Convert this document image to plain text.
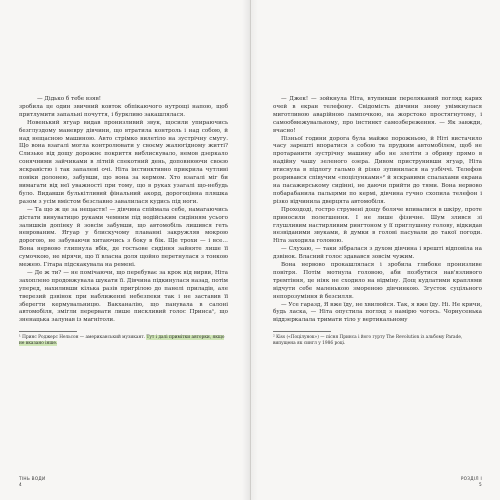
— Дідько б тебе взяв!

зробила це один звичний ковток обпікаючого нутрощі напою, щоб притлумити запальні почуття, і буркливо закашлялася.

Новенький ягуар видав пронизливий звук, щосили упираючись безглуздому маневру дівчини, що втратила контроль і над собою, й над нещасною машиною. Авто стрімко вилетіло на зустрічну смугу. Що вона взагалі могла контролювати у своєму жалюгідному житті? Слизьке від дощу дорожнє покриття виблискувало, немов дзеркало сонячними зайчиками в літній спекотний день, доповнюючи своєю яскравістю і так запалені очі. Ніта інстинктивно прикрила чутливі повіки долонею, забувши, що вона за кермом. Хто взагалі міг би вимагати від неї уважності при тому, що в руках узагалі що-небудь було. Видавши булькітливий фінальний акорд, дорогоцінна пляшка разом з усім вмістом безславно завалилася кудись під ноги.

— Та що ж це за нещастя! — дівчина спіймала себе, намагаючись дістати винуватицю руками чемним під водійським сидінням усього залишків допінку й зовсім забувши, що автомобіль лишився геть неврованим. Ягуар у блискучому плаванні закружляв мокрою дорогою, не забуваючи хитаючись з боку в бік. Ще трохи — і все… Вона нервово глипнула вбік, де гостьове сидіння зайняте лише її сумочкою, не вірячи, що її власна доля щойно перетнулася з тонкою межею. Гітара підскакувала на ремені.

— Де ж ти? — не помічаючи, що перебуває за крок від вирви, Ніта захоплено продовжувала шукати її. Дівчина підкинулася назад, потім уперед, нахиливши кілька разів пригрілою до панелі приладів, але тверезий дзвінок при наближенні небезпеки так і не заставив її зберегти кермувальницю. Вакханалію, що панувала в салоні автомобіля, змігли перервати лише пискливий голос Принса¹, що зненацька залунав із магнітоли.

¹ Принс Роджерс Нельсон — американський музикант. Тут і далі примітки авторки, якщо не вказано інше.
ТІНЬ ВОДИ
4

— Джек! — зойкнула Ніта, втупивши переляканий погляд карих очей в екран телефону. Свідомість дівчини знову увімкнулася миготливою аварійною лампочкою, на жорстоко простягнутому, і самообмежувальному, про інстинкт самозбереження. — Як завжди, вчасно!

Пізньої години дорога була майже порожньою, й Ніті вистачило часу зарешті впоратися з собою та прудким автомобілем, щоб не протаранити зустрічну машину або не злетіти з обриву прямо в надійну чашу зеленого озера. Дивом приструнивши ягуар, Ніта втиснула в підлогу гальмо й різко зупинилася на узбіччі. Телефон розривався співучим «поцілунками»² й яскравими спалахами екрана на пасажирському сидінні, не даючи прийти до тями. Вона нервово побарабанила пальцями по кермі, дівчина гучно схопила телефон і різко відчинила дверцята автомобіля.

Прохододі, гостро струмені дощу боляче впивалися в шкіру, проте приносили полегшення. І не лише фізичне. Шум злився зі глушливим настирливим рингтоном у її приглушену голову, відкидав незвіданими звуками, й думки в голові пасували до такої погоди. Ніта заходила головою.

— Слухаю, — таки зібралася з духом дівчина і врешті відповіла на дзвінок. Власний голос здавався зовсім чужим.

Вона нервово прокашлялася і зробила глибоке пронизливе повітря. Потім мотнула головою, аби позбутися нав'язливого тремтіння, це ніяк не сходило на відміну. Дощ кудлатими краплями відчути себе маленькою змореною дівчинкою. Згусток суцільного непорозуміння й безсилля.

— Усе гаразд, Я вже їду, не хвилюйся. Так, я вже їду. Ні. Не кричи, будь ласка, — Ніта опустила погляд з намірю чогось. Чорнусенька віддзеркалала тримати тіло у вертикальному

² Kiss («Поцілунок») — пісня Принса і його гурту The Revolution із альбому Parade, випущена як сингл у 1986 році.
РОЗДІЛ І
5
